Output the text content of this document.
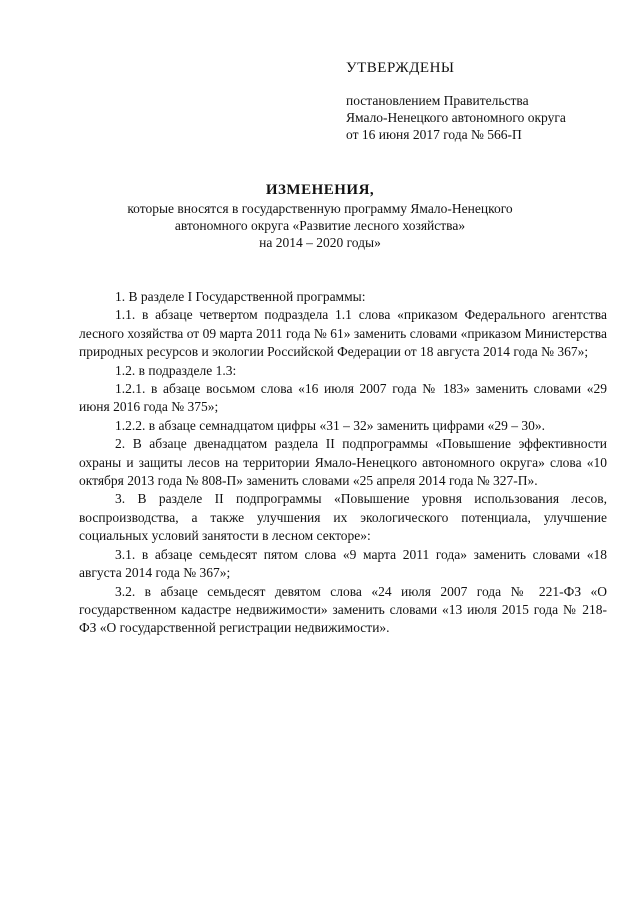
УТВЕРЖДЕНЫ
постановлением Правительства
Ямало-Ненецкого автономного округа
от 16 июня 2017 года № 566-П
ИЗМЕНЕНИЯ,
которые вносятся в государственную программу Ямало-Ненецкого
автономного округа «Развитие лесного хозяйства»
на 2014 – 2020 годы»

1. В разделе I Государственной программы:

1.1. в абзаце четвертом подраздела 1.1 слова «приказом Федерального агентства лесного хозяйства от 09 марта 2011 года № 61» заменить словами «приказом Министерства природных ресурсов и экологии Российской Федерации от 18 августа 2014 года № 367»;

1.2. в подразделе 1.3:

1.2.1. в абзаце восьмом слова «16 июля 2007 года № 183» заменить словами «29 июня 2016 года № 375»;

1.2.2. в абзаце семнадцатом цифры «31 – 32» заменить цифрами «29 – 30».

2. В абзаце двенадцатом раздела II подпрограммы «Повышение эффективности охраны и защиты лесов на территории Ямало-Ненецкого автономного округа» слова «10 октября 2013 года № 808-П» заменить словами «25 апреля 2014 года № 327-П».

3. В разделе II подпрограммы «Повышение уровня использования лесов, воспроизводства, а также улучшения их экологического потенциала, улучшение социальных условий занятости в лесном секторе»:

3.1. в абзаце семьдесят пятом слова «9 марта 2011 года» заменить словами «18 августа 2014 года № 367»;

3.2. в абзаце семьдесят девятом слова «24 июля 2007 года № 221-ФЗ «О государственном кадастре недвижимости» заменить словами «13 июля 2015 года № 218-ФЗ «О государственной регистрации недвижимости».
